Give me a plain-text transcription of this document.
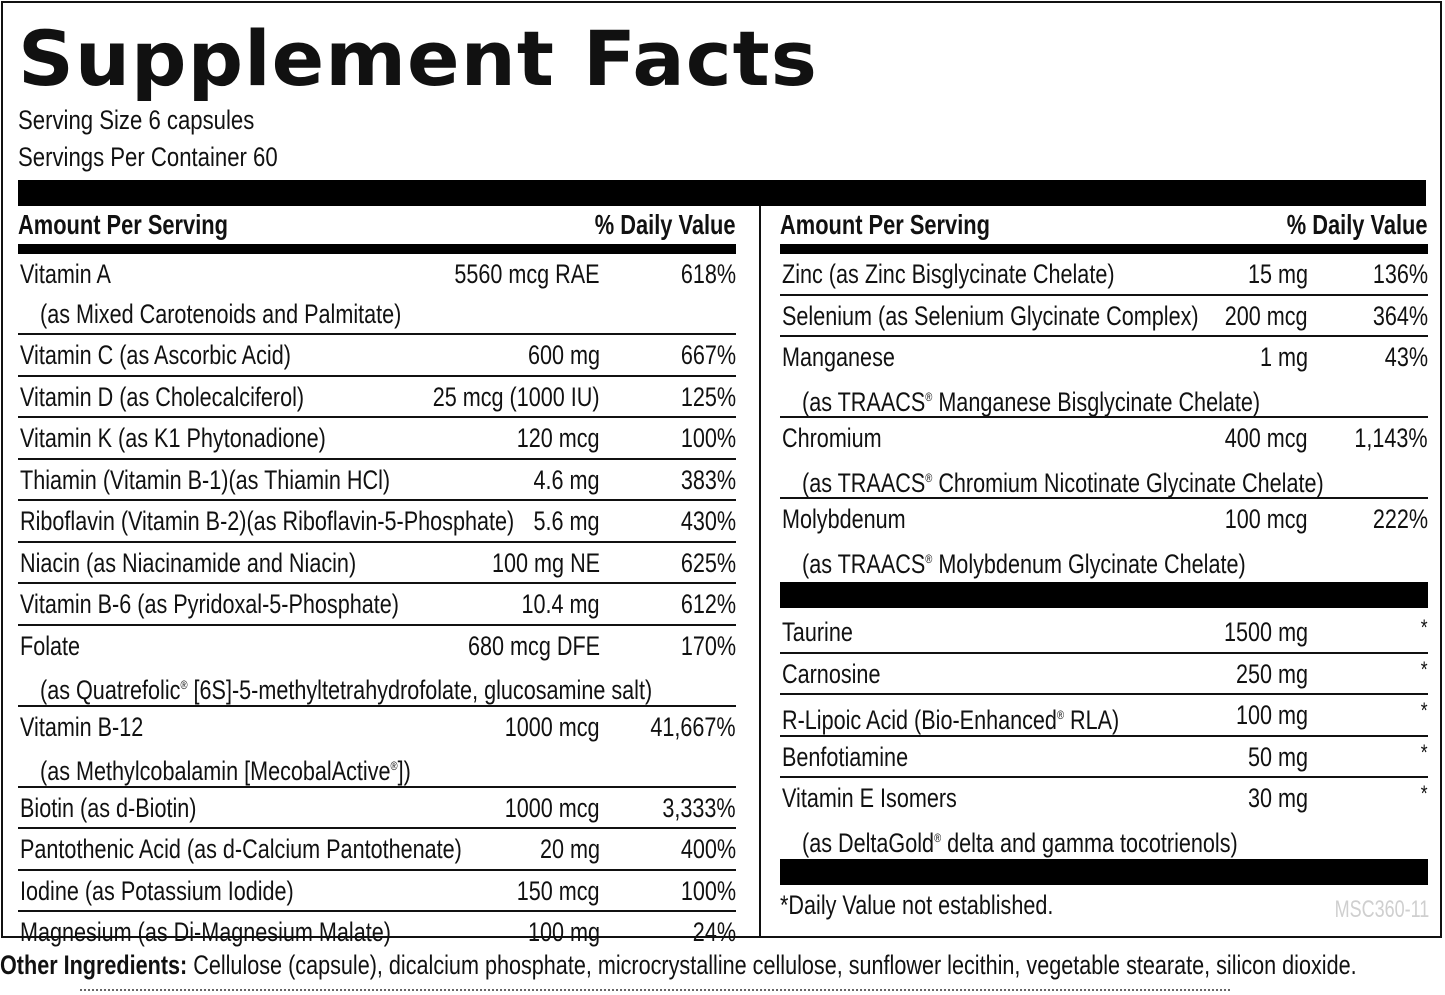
Supplement Facts
Serving Size 6 capsules
Servings Per Container 60
Amount Per Serving	% Daily Value
Vitamin A	5560 mcg RAE	618%
(as Mixed Carotenoids and Palmitate)
Vitamin C (as Ascorbic Acid)	600 mg	667%
Vitamin D (as Cholecalciferol)	25 mcg (1000 IU)	125%
Vitamin K (as K1 Phytonadione)	120 mcg	100%
Thiamin (Vitamin B-1)(as Thiamin HCl)	4.6 mg	383%
Riboflavin (Vitamin B-2)(as Riboflavin-5-Phosphate) 5.6 mg	430%
Niacin (as Niacinamide and Niacin)	100 mg NE	625%
Vitamin B-6 (as Pyridoxal-5-Phosphate)	10.4 mg	612%
Folate	680 mcg DFE	170%
(as Quatrefolic® [6S]-5-methyltetrahydrofolate, glucosamine salt)
Vitamin B-12	1000 mcg 41,667%
(as Methylcobalamin [MecobalActive®])
Biotin (as d-Biotin)	1000 mcg 3,333%
Pantothenic Acid (as d-Calcium Pantothenate)	20 mg	400%
Iodine (as Potassium Iodide)	150 mcg	100%
Magnesium (as Di-Magnesium Malate)	100 mg	24%
Amount Per Serving	% Daily Value
Zinc (as Zinc Bisglycinate Chelate)	15 mg 136%
Selenium (as Selenium Glycinate Complex) 200 mcg 364%
Manganese	1 mg	43%
(as TRAACS® Manganese Bisglycinate Chelate)
Chromium	400 mcg 1,143%
(as TRAACS® Chromium Nicotinate Glycinate Chelate)
Molybdenum	100 mcg 222%
(as TRAACS® Molybdenum Glycinate Chelate)
Taurine	1500 mg	*
Carnosine	250 mg	*
R-Lipoic Acid (Bio-Enhanced® RLA)	100 mg	*
Benfotiamine	50 mg	*
Vitamin E Isomers	30 mg	*
(as DeltaGold® delta and gamma tocotrienols)
*Daily Value not established.	MSC360-11
Other Ingredients: Cellulose (capsule), dicalcium phosphate, microcrystalline cellulose, sunflower lecithin, vegetable stearate, silicon dioxide.
